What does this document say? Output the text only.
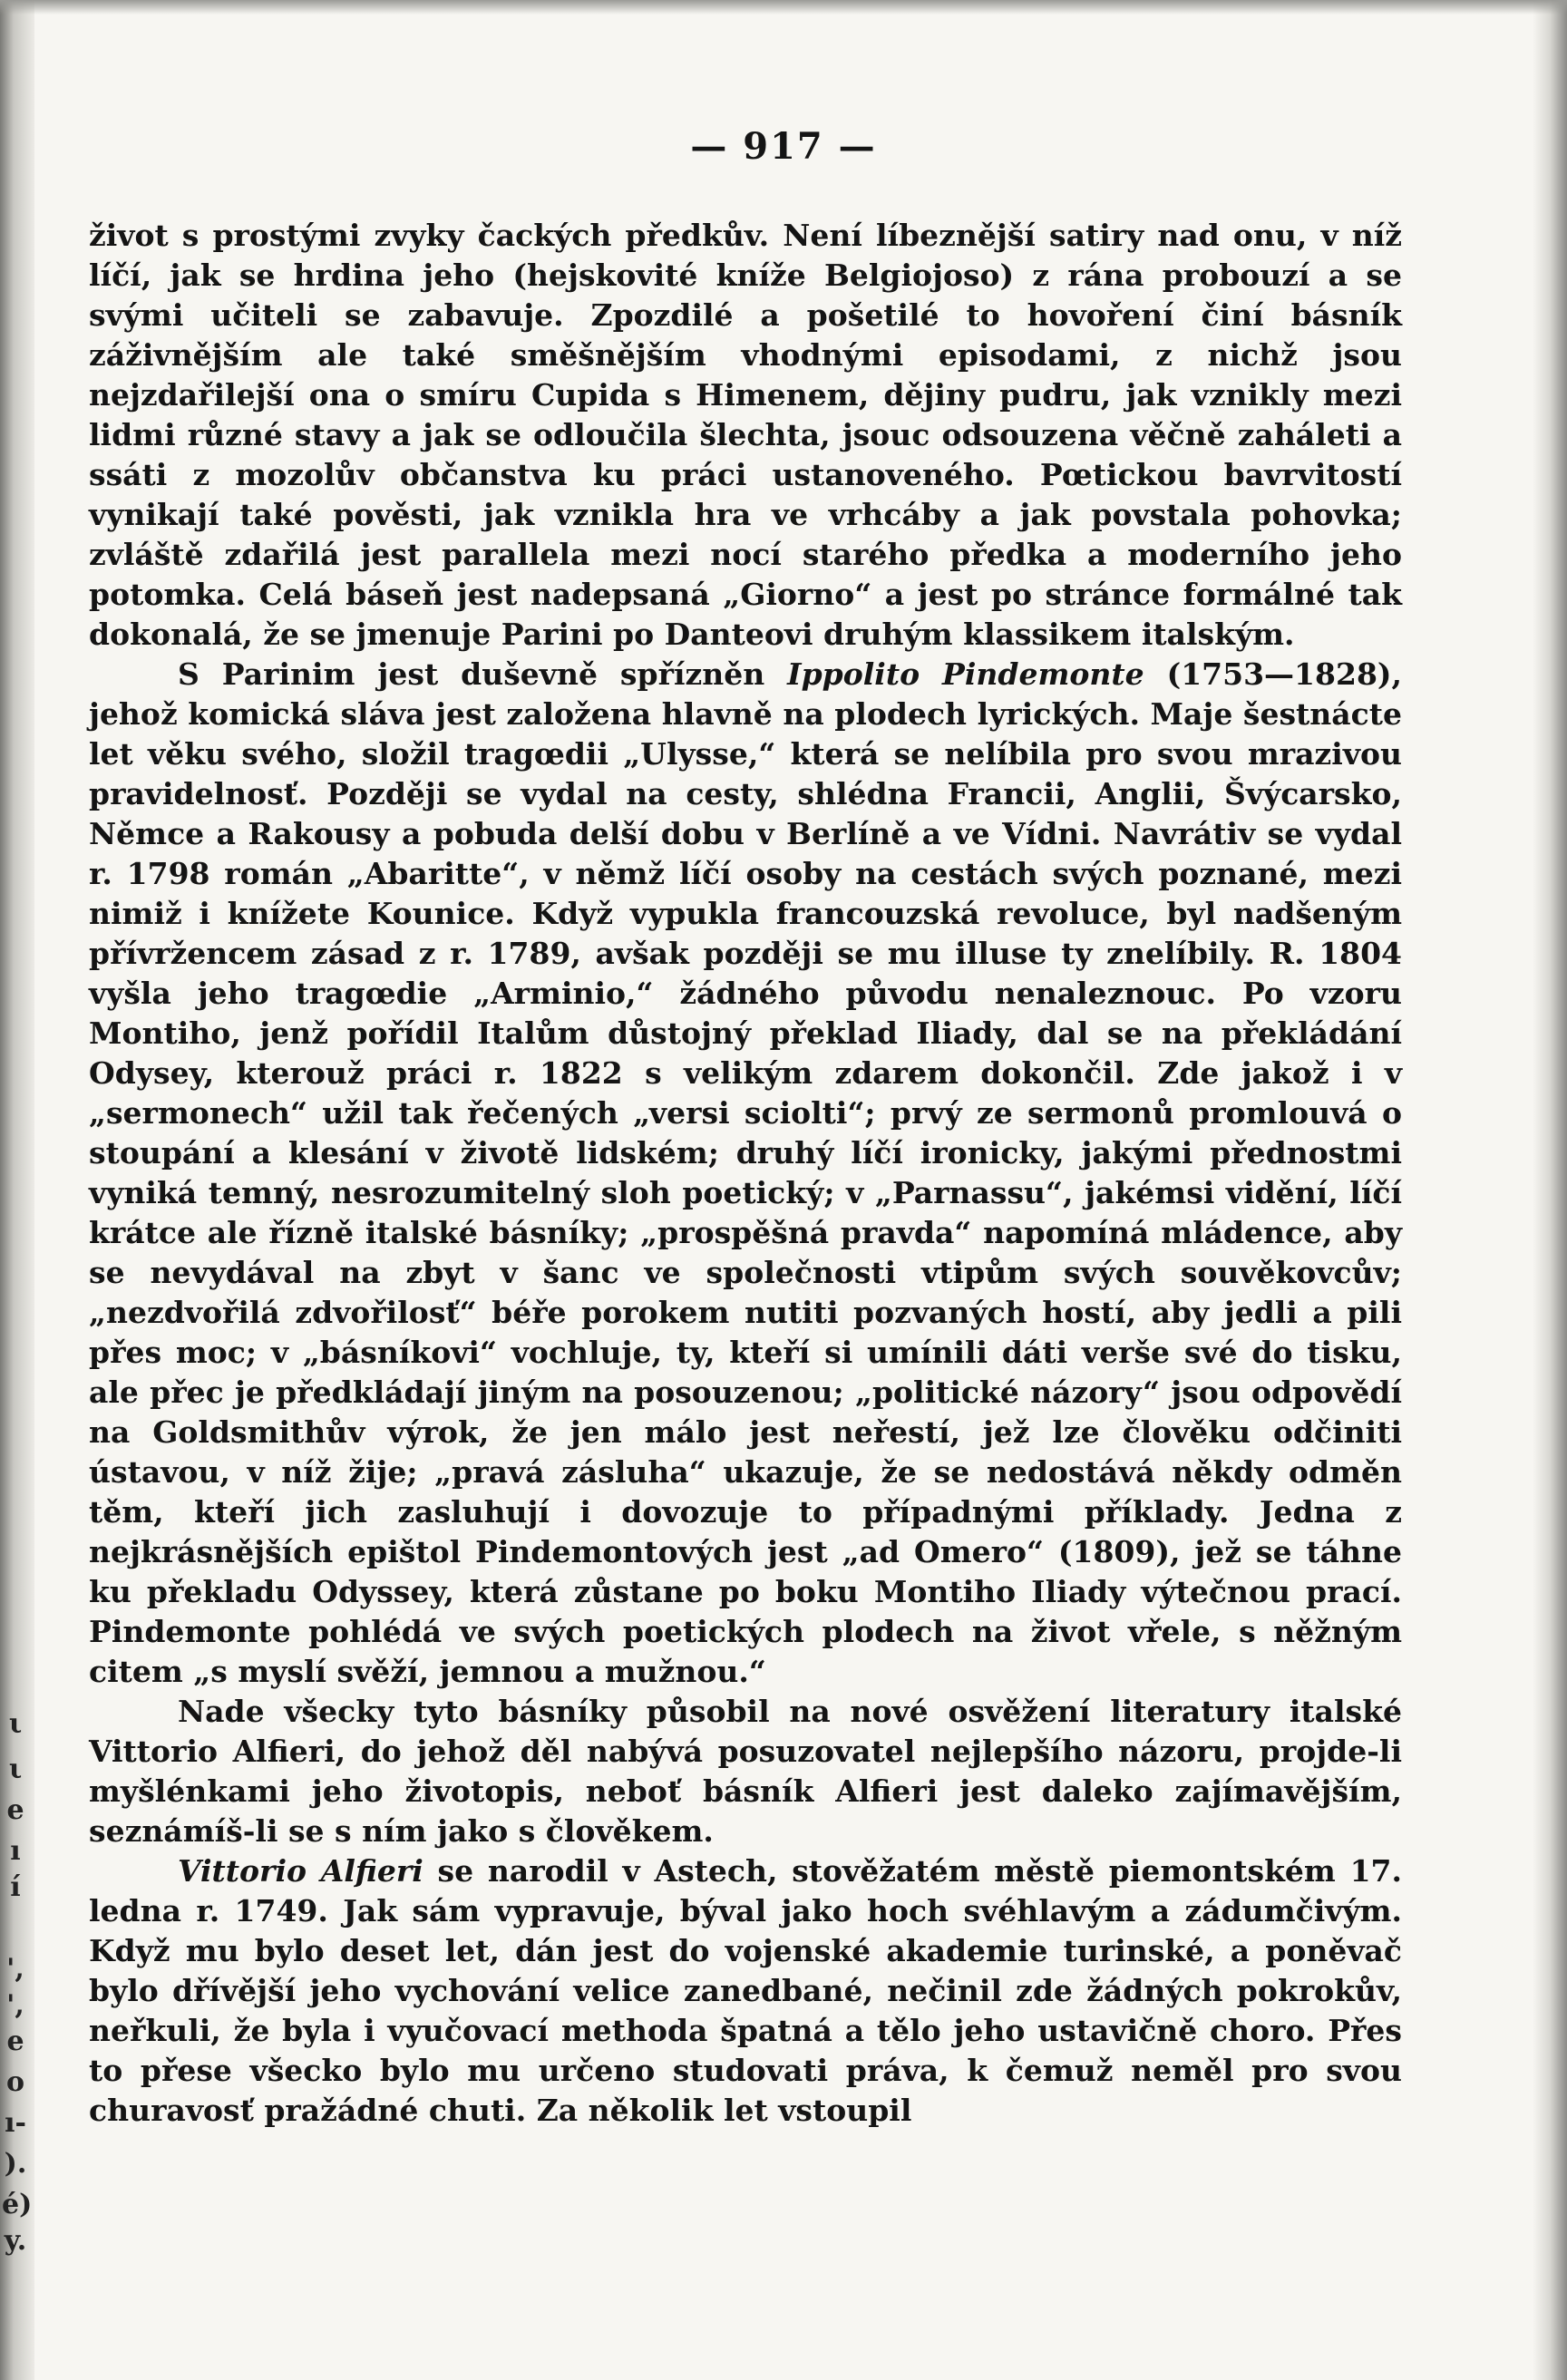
ι
ι
e
ı
í
',
',
e
o
ı-
).
é)
y.
— 917 —

život s prostými zvyky čackých předkův. Není líbeznější satiry nad onu, v níž líčí, jak se hrdina jeho (hejskovité kníže Belgiojoso) z rána probouzí a se svými učiteli se zabavuje. Zpozdilé a pošetilé to hovoření činí básník záživnějším ale také směšnějším vhodnými episodami, z nichž jsou nejzdařilejší ona o smíru Cupida s Himenem, dějiny pudru, jak vznikly mezi lidmi různé stavy a jak se odloučila šlechta, jsouc odsouzena věčně zaháleti a ssáti z mozolův občanstva ku práci ustanoveného. Pœtickou bavrvitostí vynikají také pověsti, jak vznikla hra ve vrhcáby a jak povstala pohovka; zvláště zdařilá jest parallela mezi nocí starého předka a moderního jeho potomka. Celá báseň jest nadepsaná „Giorno“ a jest po stránce formálné tak dokonalá, že se jmenuje Parini po Danteovi druhým klassikem italským.

S Parinim jest duševně spřízněn Ippolito Pindemonte (1753—1828), jehož komická sláva jest založena hlavně na plodech lyrických. Maje šestnácte let věku svého, složil tragœdii „Ulysse,“ která se nelíbila pro svou mrazivou pravidelnosť. Později se vydal na cesty, shlédna Francii, Anglii, Švýcarsko, Němce a Rakousy a pobuda delší dobu v Berlíně a ve Vídni. Navrátiv se vydal r. 1798 román „Abaritte“, v němž líčí osoby na cestách svých poznané, mezi nimiž i knížete Kounice. Když vypukla francouzská revoluce, byl nadšeným přívržencem zásad z r. 1789, avšak později se mu illuse ty znelíbily. R. 1804 vyšla jeho tragœdie „Arminio,“ žádného původu nenaleznouc. Po vzoru Montiho, jenž pořídil Italům důstojný překlad Iliady, dal se na překládání Odysey, kterouž práci r. 1822 s velikým zdarem dokončil. Zde jakož i v „sermonech“ užil tak řečených „versi sciolti“; prvý ze sermonů promlouvá o stoupání a klesání v životě lidském; druhý líčí ironicky, jakými přednostmi vyniká temný, nesrozumitelný sloh poetický; v „Parnassu“, jakémsi vidění, líčí krátce ale řízně italské básníky; „prospěšná pravda“ napomíná mládence, aby se nevydával na zbyt v šanc ve společnosti vtipům svých souvěkovcův; „nezdvořilá zdvořilosť“ béře porokem nutiti pozvaných hostí, aby jedli a pili přes moc; v „básníkovi“ vochluje, ty, kteří si umínili dáti verše své do tisku, ale přec je předkládají jiným na posouzenou; „politické názory“ jsou odpovědí na Goldsmithův výrok, že jen málo jest neřestí, jež lze člověku odčiniti ústavou, v níž žije; „pravá zásluha“ ukazuje, že se nedostává někdy odměn těm, kteří jich zasluhují i dovozuje to případnými příklady. Jedna z nejkrásnějších epištol Pindemontových jest „ad Omero“ (1809), jež se táhne ku překladu Odyssey, která zůstane po boku Montiho Iliady výtečnou prací. Pindemonte pohlédá ve svých poetických plodech na život vřele, s něžným citem „s myslí svěží, jemnou a mužnou.“

Nade všecky tyto básníky působil na nové osvěžení literatury italské Vittorio Alfieri, do jehož děl nabývá posuzovatel nejlepšího názoru, projde-li myšlénkami jeho životopis, neboť básník Alfieri jest daleko zajímavějším, seznámíš-li se s ním jako s člověkem.

Vittorio Alfieri se narodil v Astech, stověžatém městě piemontském 17. ledna r. 1749. Jak sám vypravuje, býval jako hoch svéhlavým a zádumčivým. Když mu bylo deset let, dán jest do vojenské akademie turinské, a poněvač bylo dřívější jeho vychování velice zanedbané, nečinil zde žádných pokrokův, neřkuli, že byla i vyučovací methoda špatná a tělo jeho ustavičně choro. Přes to přese všecko bylo mu určeno studovati práva, k čemuž neměl pro svou churavosť pražádné chuti. Za několik let vstoupil
